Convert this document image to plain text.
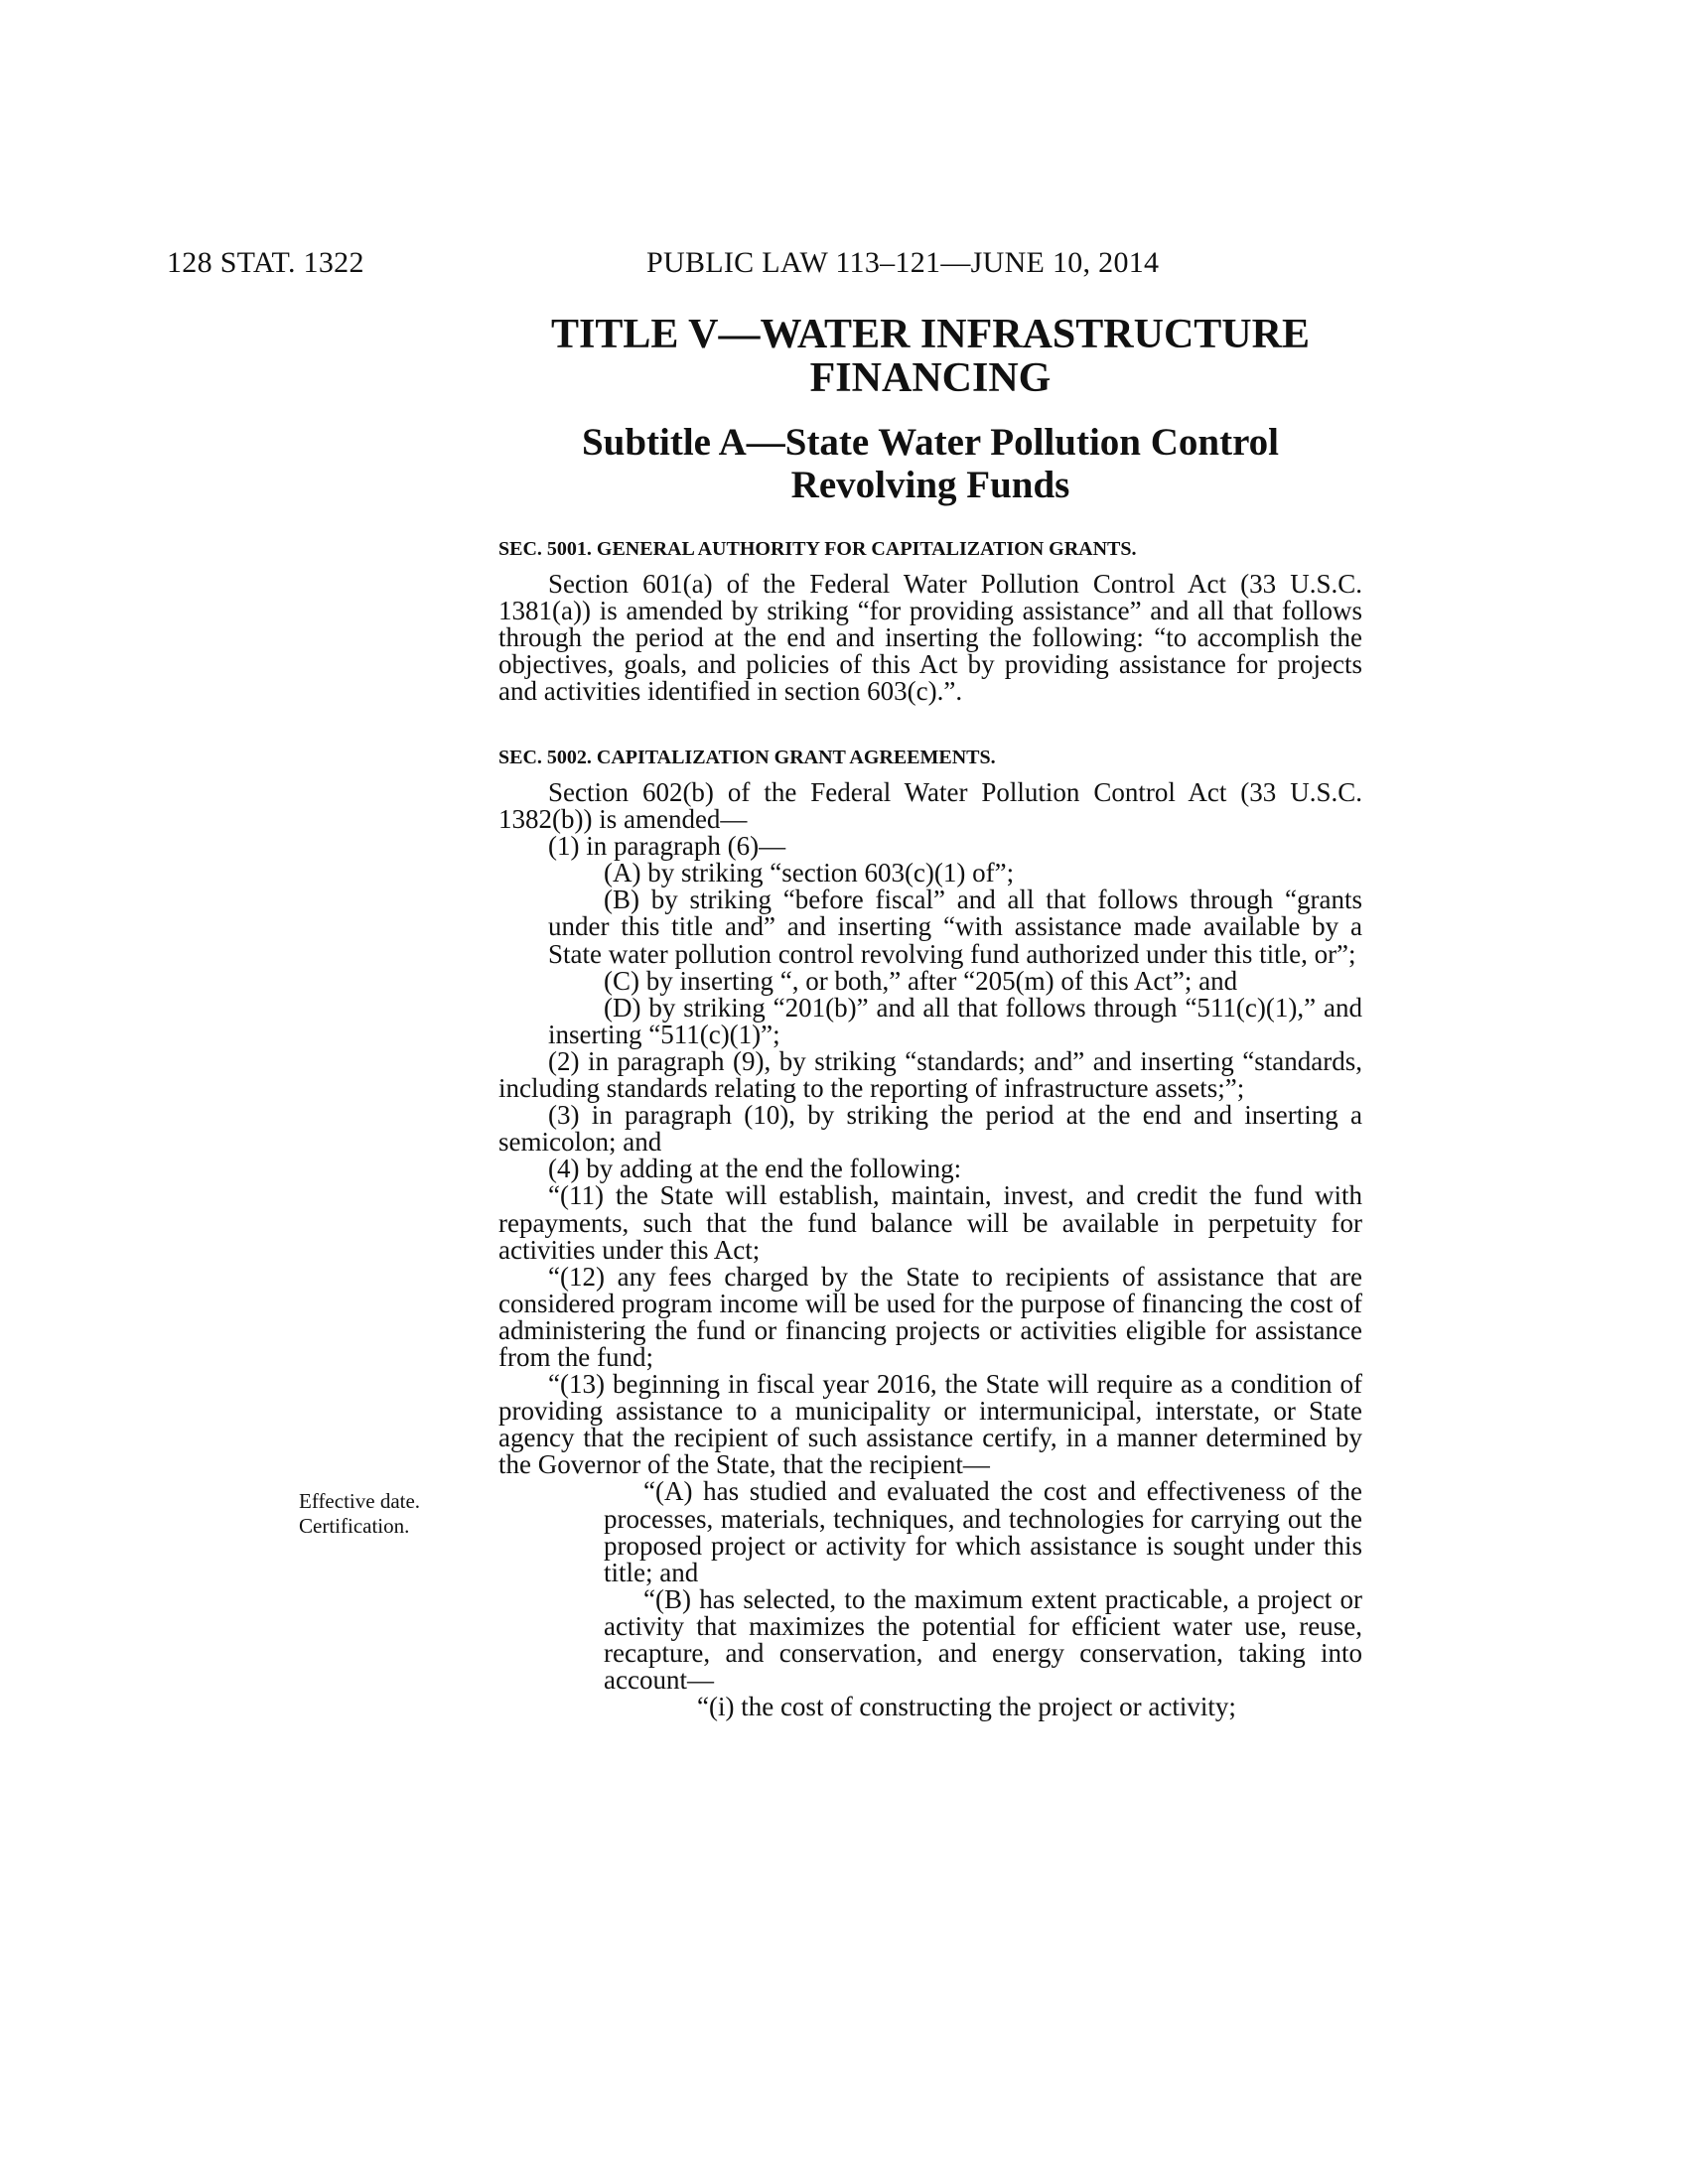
128 STAT. 1322	PUBLIC LAW 113–121—JUNE 10, 2014
TITLE V—WATER INFRASTRUCTURE
FINANCING
Subtitle A—State Water Pollution Control
Revolving Funds
SEC. 5001. GENERAL AUTHORITY FOR CAPITALIZATION GRANTS.
Section 601(a) of the Federal Water Pollution Control Act (33 U.S.C. 1381(a)) is amended by striking “for providing assistance” and all that follows through the period at the end and inserting the following: “to accomplish the objectives, goals, and policies of this Act by providing assistance for projects and activities identified in section 603(c).”.
SEC. 5002. CAPITALIZATION GRANT AGREEMENTS.
Section 602(b) of the Federal Water Pollution Control Act (33 U.S.C. 1382(b)) is amended—
(1) in paragraph (6)—
(A) by striking “section 603(c)(1) of”;
(B) by striking “before fiscal” and all that follows through “grants under this title and” and inserting “with assistance made available by a State water pollution control revolving fund authorized under this title, or”;
(C) by inserting “, or both,” after “205(m) of this Act”; and
(D) by striking “201(b)” and all that follows through “511(c)(1),” and inserting “511(c)(1)”;
(2) in paragraph (9), by striking “standards; and” and inserting “standards, including standards relating to the reporting of infrastructure assets;”;
(3) in paragraph (10), by striking the period at the end and inserting a semicolon; and
(4) by adding at the end the following:
“(11) the State will establish, maintain, invest, and credit the fund with repayments, such that the fund balance will be available in perpetuity for activities under this Act;
“(12) any fees charged by the State to recipients of assistance that are considered program income will be used for the purpose of financing the cost of administering the fund or financing projects or activities eligible for assistance from the fund;
“(13) beginning in fiscal year 2016, the State will require as a condition of providing assistance to a municipality or intermunicipal, interstate, or State agency that the recipient of such assistance certify, in a manner determined by the Governor of the State, that the recipient—
“(A) has studied and evaluated the cost and effectiveness of the processes, materials, techniques, and technologies for carrying out the proposed project or activity for which assistance is sought under this title; and
“(B) has selected, to the maximum extent practicable, a project or activity that maximizes the potential for efficient water use, reuse, recapture, and conservation, and energy conservation, taking into account—
“(i) the cost of constructing the project or activity;
Effective date.
Certification.
